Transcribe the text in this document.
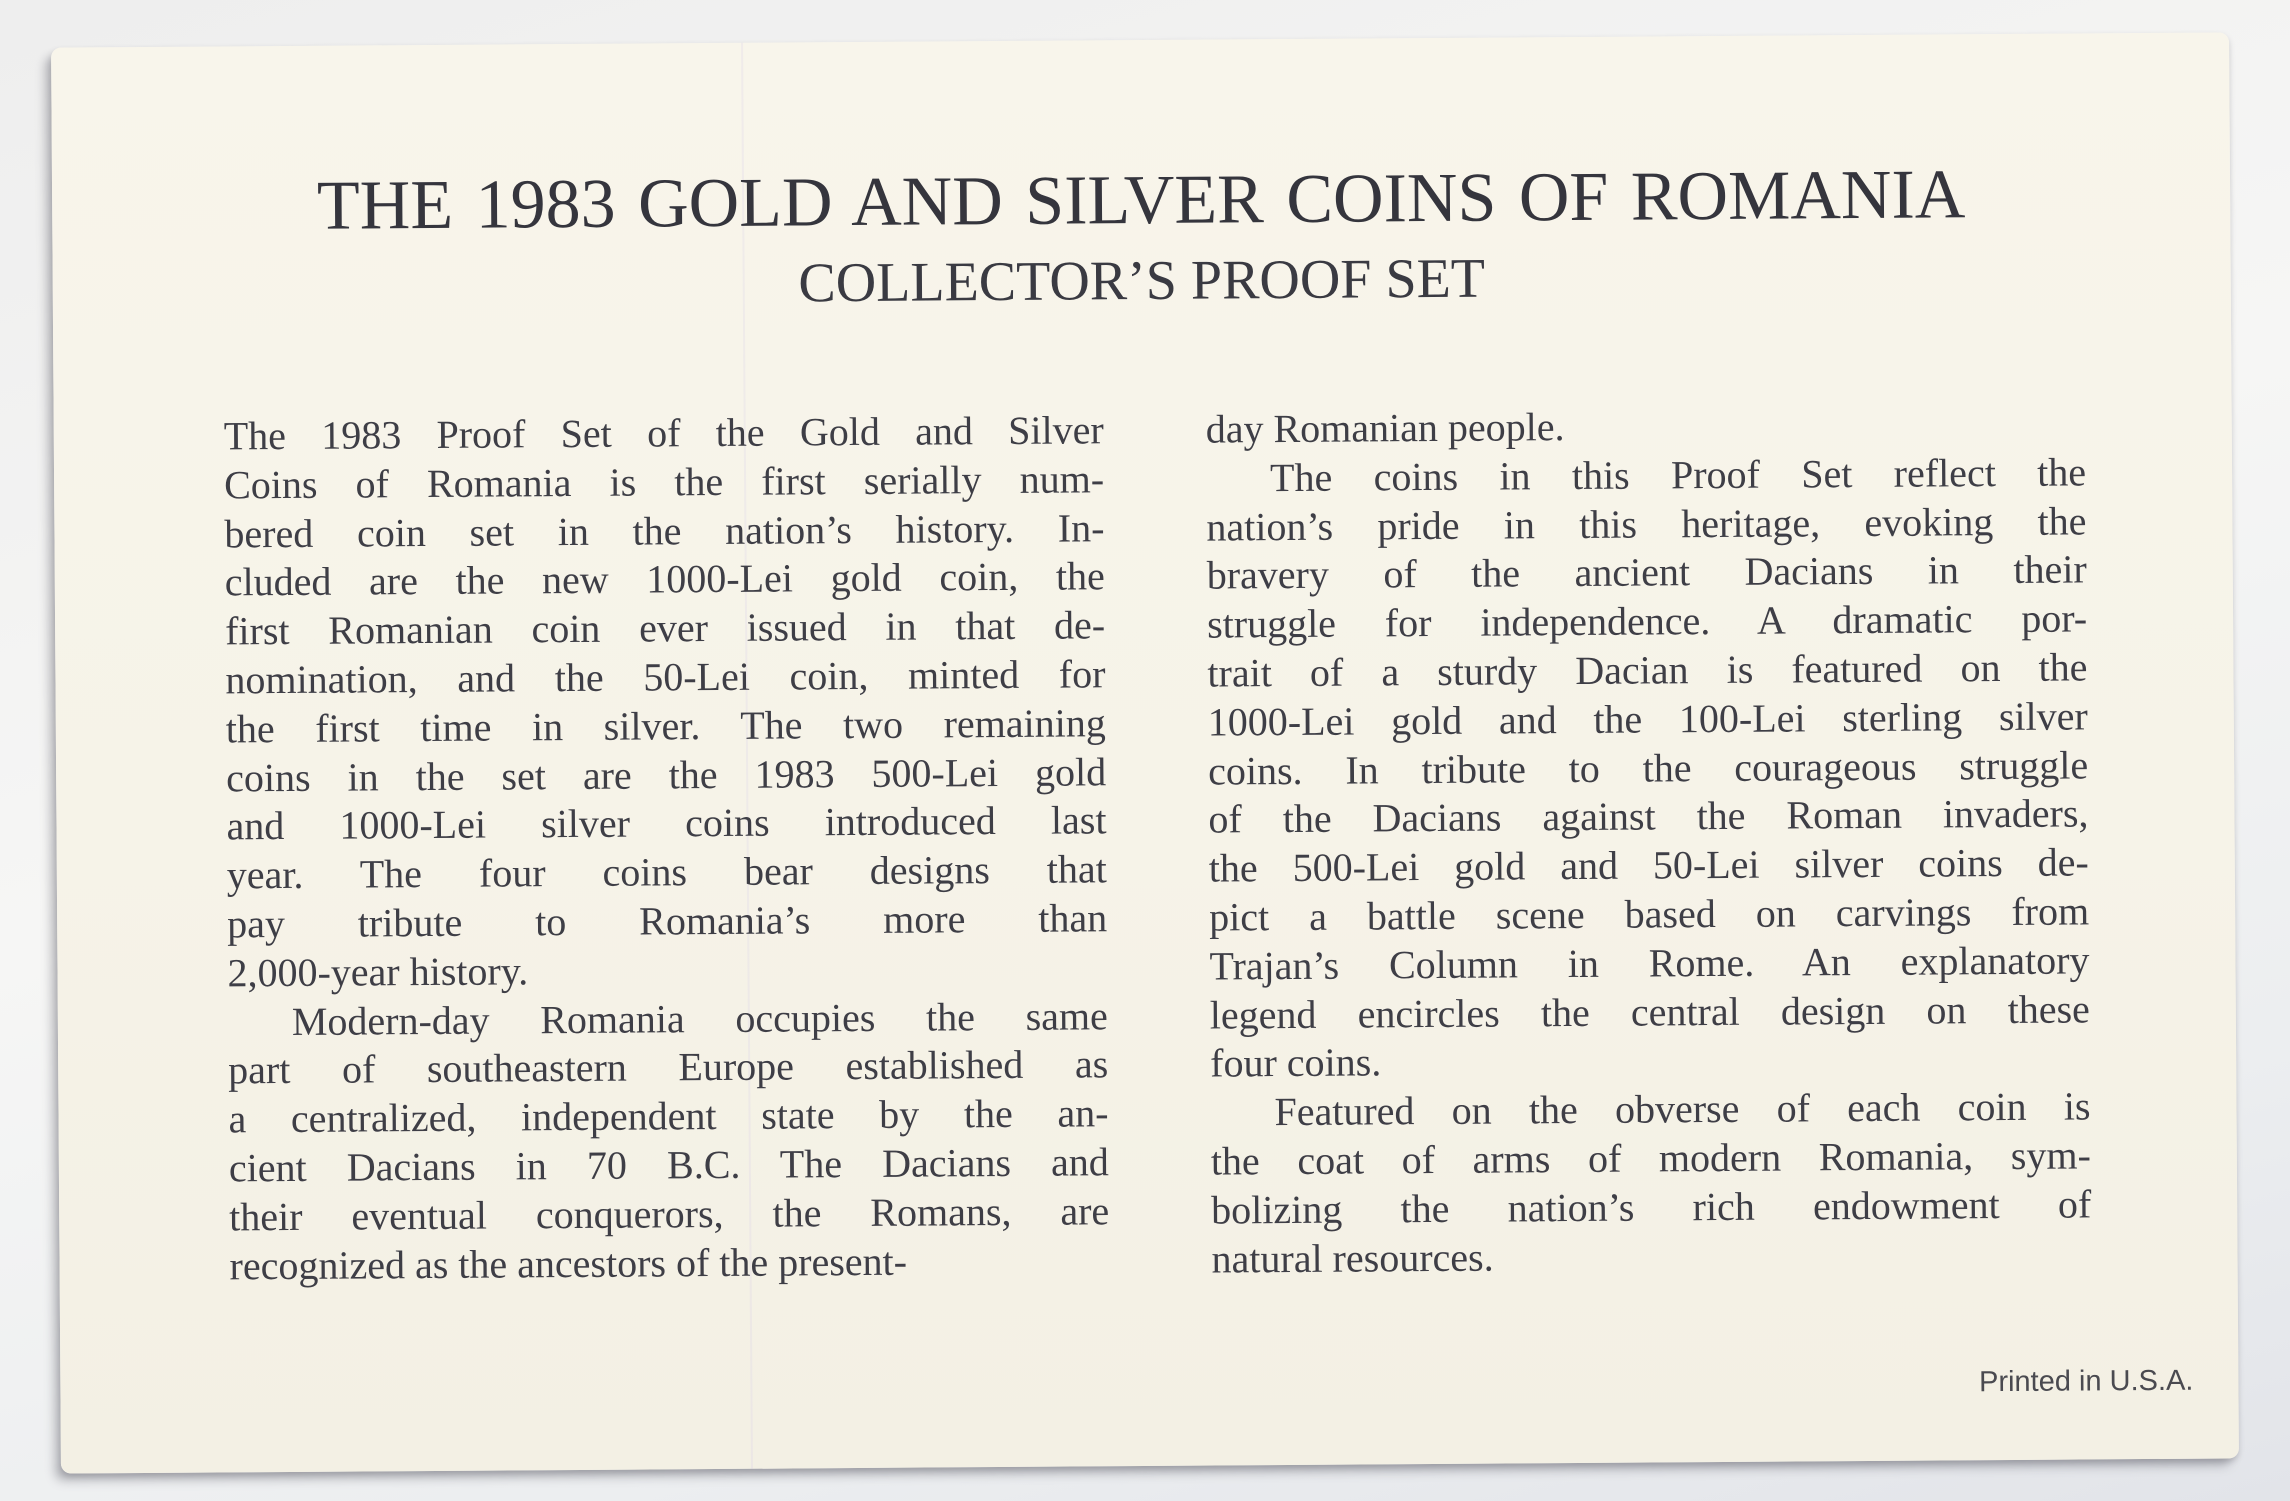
THE 1983 GOLD AND SILVER COINS OF ROMANIA
COLLECTOR’S PROOF SET
The 1983 Proof Set of the Gold and Silver
Coins of Romania is the first serially num-
bered coin set in the nation’s history. In-
cluded are the new 1000-Lei gold coin, the
first Romanian coin ever issued in that de-
nomination, and the 50-Lei coin, minted for
the first time in silver. The two remaining
coins in the set are the 1983 500-Lei gold
and 1000-Lei silver coins introduced last
year. The four coins bear designs that
pay tribute to Romania’s more than
2,000-year history.
Modern-day Romania occupies the same
part of southeastern Europe established as
a centralized, independent state by the an-
cient Dacians in 70 B.C. The Dacians and
their eventual conquerors, the Romans, are
recognized as the ancestors of the present-
day Romanian people.
The coins in this Proof Set reflect the
nation’s pride in this heritage, evoking the
bravery of the ancient Dacians in their
struggle for independence. A dramatic por-
trait of a sturdy Dacian is featured on the
1000-Lei gold and the 100-Lei sterling silver
coins. In tribute to the courageous struggle
of the Dacians against the Roman invaders,
the 500-Lei gold and 50-Lei silver coins de-
pict a battle scene based on carvings from
Trajan’s Column in Rome. An explanatory
legend encircles the central design on these
four coins.
Featured on the obverse of each coin is
the coat of arms of modern Romania, sym-
bolizing the nation’s rich endowment of
natural resources.
Printed in U.S.A.
